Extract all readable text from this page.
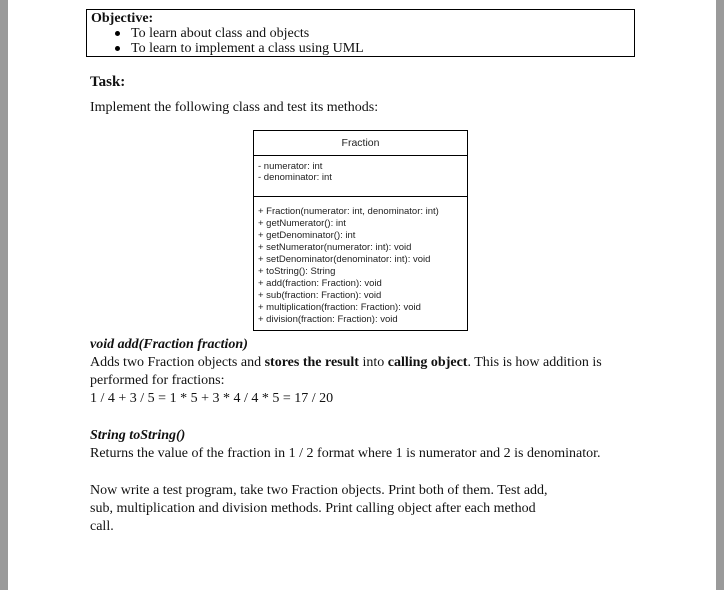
Objective:
To learn about class and objects
To learn to implement a class using UML
Task:
Implement the following class and test its methods:
Fraction
- numerator: int
- denominator: int
+ Fraction(numerator: int, denominator: int)
+ getNumerator(): int
+ getDenominator(): int
+ setNumerator(numerator: int): void
+ setDenominator(denominator: int): void
+ toString(): String
+ add(fraction: Fraction): void
+ sub(fraction: Fraction): void
+ multiplication(fraction: Fraction): void
+ division(fraction: Fraction): void
void add(Fraction fraction)
Adds two Fraction objects and stores the result into calling object. This is how addition is performed for fractions:
1 / 4 + 3 / 5 = 1 * 5 + 3 * 4 / 4 * 5 = 17 / 20
String toString()
Returns the value of the fraction in 1 / 2 format where 1 is numerator and 2 is denominator.
Now write a test program, take two Fraction objects. Print both of them. Test add, sub, multiplication and division methods. Print calling object after each method call.
